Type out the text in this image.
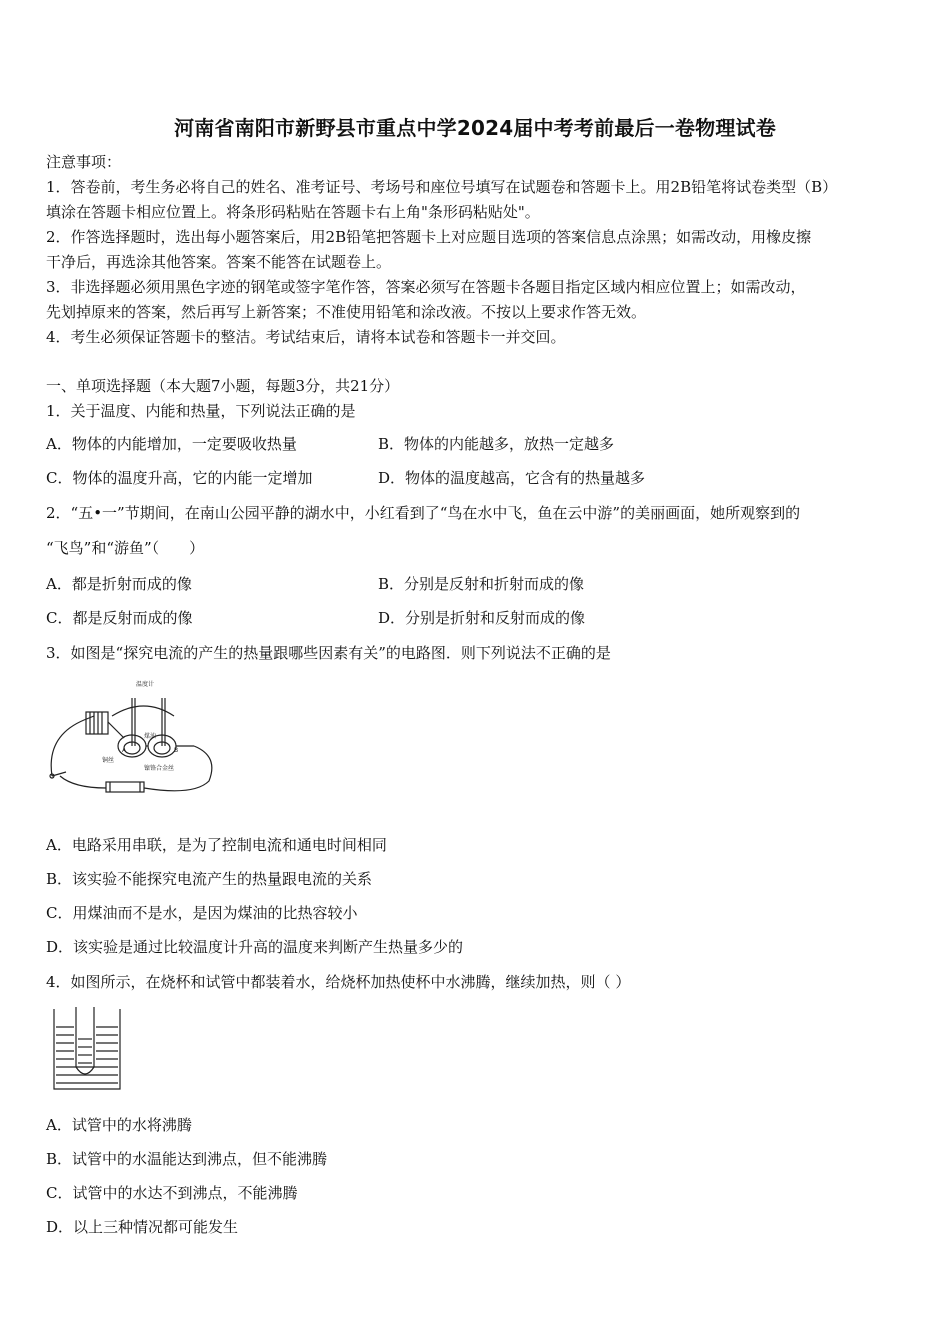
河南省南阳市新野县市重点中学2024届中考考前最后一卷物理试卷
注意事项：
1．答卷前，考生务必将自己的姓名、准考证号、考场号和座位号填写在试题卷和答题卡上。用2B铅笔将试卷类型（B）
填涂在答题卡相应位置上。将条形码粘贴在答题卡右上角"条形码粘贴处"。
2．作答选择题时，选出每小题答案后，用2B铅笔把答题卡上对应题目选项的答案信息点涂黑；如需改动，用橡皮擦
干净后，再选涂其他答案。答案不能答在试题卷上。
3．非选择题必须用黑色字迹的钢笔或签字笔作答，答案必须写在答题卡各题目指定区域内相应位置上；如需改动，
先划掉原来的答案，然后再写上新答案；不准使用铅笔和涂改液。不按以上要求作答无效。
4．考生必须保证答题卡的整洁。考试结束后，请将本试卷和答题卡一并交回。
一、单项选择题（本大题7小题，每题3分，共21分）
1．关于温度、内能和热量，下列说法正确的是
A．物体的内能增加，一定要吸收热量	B．物体的内能越多，放热一定越多
C．物体的温度升高，它的内能一定增加	D．物体的温度越高，它含有的热量越多
2．“五•一”节期间，在南山公园平静的湖水中，小红看到了“鸟在水中飞，鱼在云中游”的美丽画面，她所观察到的
“飞鸟”和“游鱼”（　　）
A．都是折射而成的像	B．分别是反射和折射而成的像
C．都是反射而成的像	D．分别是折射和反射而成的像
3．如图是“探究电流的产生的热量跟哪些因素有关”的电路图．则下列说法不正确的是
温度计
煤油
铜丝
镍铬合金丝
A	B
A．电路采用串联，是为了控制电流和通电时间相同
B．该实验不能探究电流产生的热量跟电流的关系
C．用煤油而不是水，是因为煤油的比热容较小
D．该实验是通过比较温度计升高的温度来判断产生热量多少的
4．如图所示，在烧杯和试管中都装着水，给烧杯加热使杯中水沸腾，继续加热，则（ ）
A．试管中的水将沸腾
B．试管中的水温能达到沸点，但不能沸腾
C．试管中的水达不到沸点，不能沸腾
D．以上三种情况都可能发生
